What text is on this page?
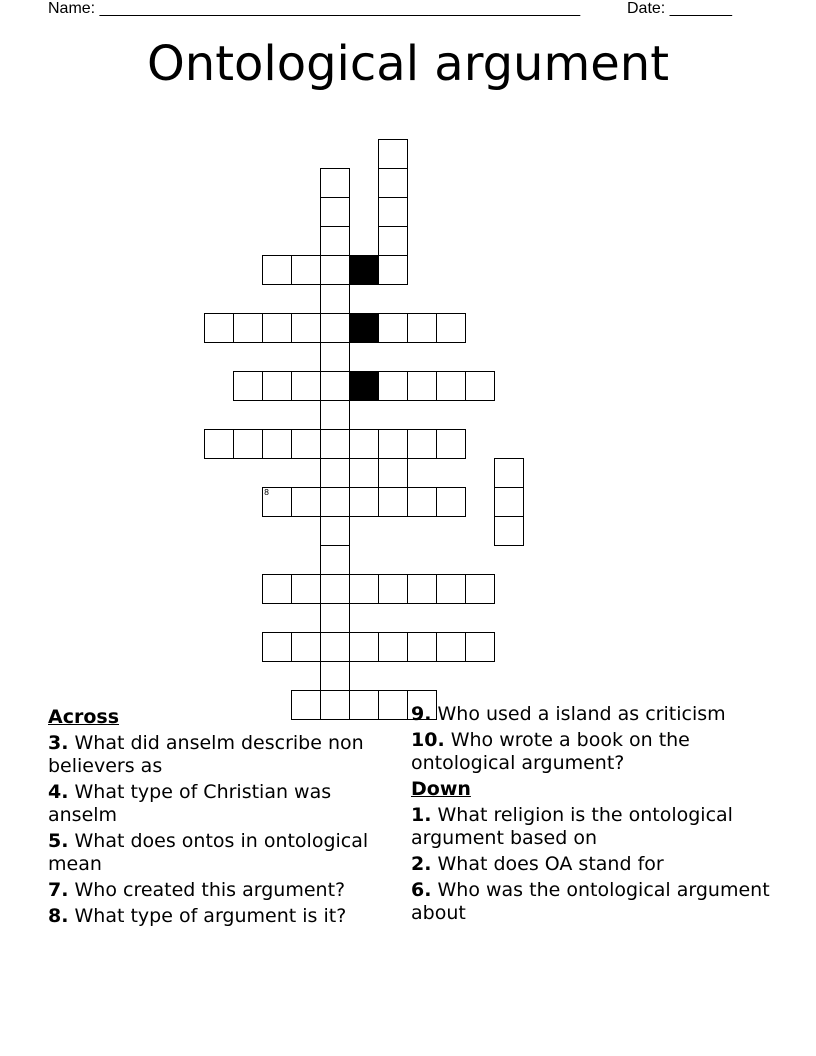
Name: ______________________________________________________	Date: _______
Ontological argument
8
Across
3. What did anselm describe non believers as
4. What type of Christian was anselm
5. What does ontos in ontological mean
7. Who created this argument?
8. What type of argument is it?
9. Who used a island as criticism
10. Who wrote a book on the ontological argument?
Down
1. What religion is the ontological argument based on
2. What does OA stand for
6. Who was the ontological argument about
